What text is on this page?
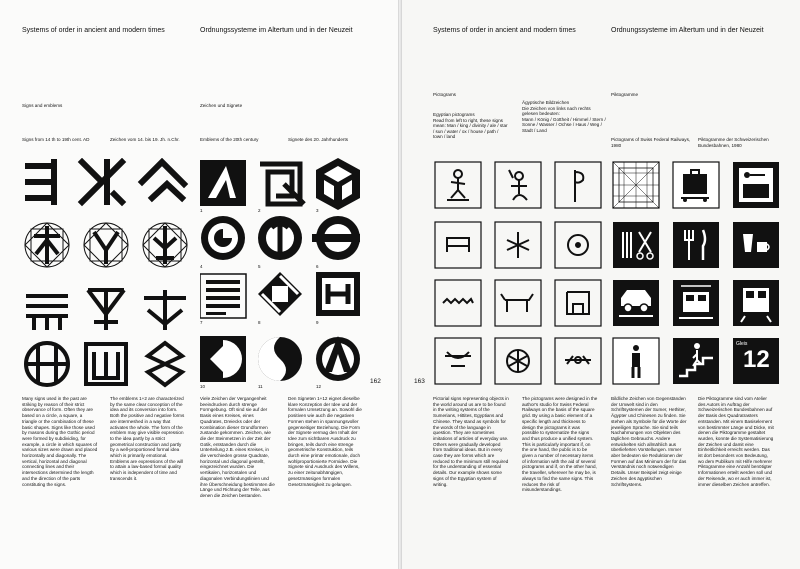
Systems of order in ancient and modern times	Ordnungssysteme im Altertum und in der Neuzeit
Signs and emblems	Zeichen und Signete
Signs from 14 th to 19th cent. AD	Zeichen vom 14. bis 19. Jh. n.Chr.	Emblems of the 20th century	Signete des 20. Jahrhunderts
1	2	3
4	5	6
7	8	9
10	11	12
162
Many signs used in the past are striking by reason of their strict observance of form. Often they are based on a circle, a square, a triangle or the combination of these basic shapes. Signs like those used by masons during the Gothic period were formed by subdividing, for example, a circle in which squares of various sizes were drawn and placed horizontally and diagonally. The vertical, horizontal and diagonal connecting lines and their intersections determined the length and the direction of the parts constituting the signs.
The emblems 1+2 are characterized by the same clear conception of the idea and its conversion into form. Both the positive and negative forms are intermeshed in a way that activates the whole. The form of the emblem may give visible expression to the idea partly by a strict geometrical construction and partly by a well-proportioned formal idea which is primarily emotional. Emblems are expressions of the will to attain a law-based formal quality which is independent of time and transcends it.
Viele Zeichen der Vergangenheit beeindrucken durch strenge Formgebung. Oft sind sie auf der Basis eines Kreises, eines Quadrates, Dreiecks oder der Kombination dieser Grundformen zustande gekommen. Zeichen, wie die der Steinmetzen in der Zeit der Gotik, entstanden durch die Unterteilung z.B. eines Kreises, in die verschieden grosse Quadrate, horizontal und diagonal gestellt, eingezeichnet wurden. Die vertikalen, horizontalen und diagonalen Verbindungslinien und ihre Überschneidung bestimmten die Länge und Richtung der Teile, aus denen die Zeichen bestanden.
Den Signeten 1+12 eignet dieselbe klare Konzeption der Idee und der formalen Umsetzung an. Sowohl die positiven wie auch die negativen Formen stehen in spannungsvoller gegenseitiger Beziehung. Die Form der Signete vermag den Inhalt der Idee zum sichtbaren Ausdruck zu bringen, teils durch eine strenge geometrische Konstruktion, teils durch eine primär emotionale, doch wohlproportionierte Formidee. Die Signete sind Ausdruck des Willens, zu einer zeitunabhängigen, gesetzmässigen formalen Gesetzmässigkeit zu gelangen.
Systems of order in ancient and modern times	Ordnungssysteme im Altertum und in der Neuzeit
Pictograms	Piktogramme
Egyptian pictograms
Read from left to right, these signs mean: Man / king / divinity / ale / star / sun / water / ox / house / path / town / land
Ägyptische Bildzeichen
Die Zeichen von links nach rechts gelesen bedeuten:
Mann / König / Gottheit / Himmel / Stern / Sonne / Wasser / Ochse / Haus / Weg / Stadt / Land
Pictograms of Swiss Federal Railways, 1980
Piktogramme der Schweizerischen Bundesbahnen, 1980
Gleis
12
163
Pictorial signs representing objects in the world around us are to be found in the writing systems of the Sumerians, Hittites, Egyptians and Chinese. They stand as symbols for the words of the language in question. They are sometimes imitations of articles of everyday use. Others were gradually developed from traditional ideas. But in every case they are forms which are reduced to the minimum still required for the understanding of essential details. Our example shows some signs of the Egyptian system of writing.
The pictograms were designed in the author's studio for Swiss Federal Railways on the basis of the square grid. By using a basic element of a specific length and thickness to design the pictograms it was possible to systematize the signs and thus produce a unified system. This is particularly important if, on the one hand, the public is to be given a number of necessary items of information with the aid of several pictograms and if, on the other hand, the traveller, wherever he may be, is always to find the same signs. This reduces the risk of misunderstandings.
Bildliche Zeichen von Gegenständen der Umwelt sind in den Schriftsystemen der Sumer, Hethiter, Ägypter und Chinesen zu finden. Sie stehen als Symbole für die Worte der jeweiligen Sprache. Sie sind teils Nachahmungen von Objekten des täglichen Gebrauchs. Andere entwickelten sich allmählich aus überlieferten Vorstellungen. Immer aber bedeuten sie Reduktionen der Formen auf das Minimum der für das Verständnis noch notwendigen Details. Unser Beispiel zeigt einige Zeichen des ägyptischen Schriftsystems.
Die Piktogramme sind vom Atelier des Autors im Auftrag der Schweizerischen Bundesbahnen auf der Basis des Quadratrasters entstanden. Mit einem Basiselement von bestimmter Länge und Dicke, mit denen die Piktogramme gestaltet wurden, konnte die Systematisierung der Zeichen und damit eine Einheitlichkeit erreicht werden. Das ist dort besonders von Bedeutung, wo dem Publikum mit Hilfe mehrerer Piktogramme eine Anzahl benötigter Informationen erteilt werden soll und der Reisende, wo er auch immer ist, immer dieselben Zeichen antreffen.
